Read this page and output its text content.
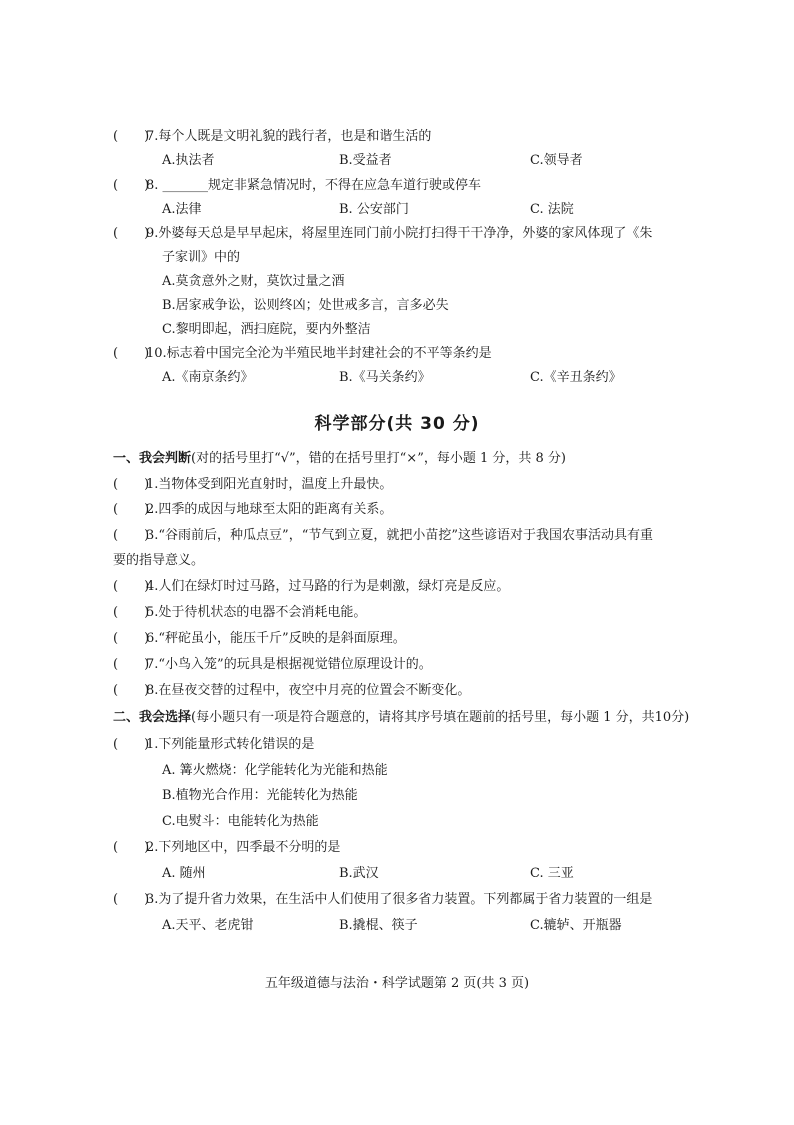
(　　)
7.每个人既是文明礼貌的践行者，也是和谐生活的
A.执法者	B.受益者	C.领导者
(　　)
8. _______规定非紧急情况时，不得在应急车道行驶或停车
A.法律	B. 公安部门	C. 法院
(　　)
9.外婆每天总是早早起床，将屋里连同门前小院打扫得干干净净，外婆的家风体现了《朱
子家训》中的
A.莫贪意外之财，莫饮过量之酒
B.居家戒争讼，讼则终凶；处世戒多言，言多必失
C.黎明即起，洒扫庭院，要内外整洁
(　　)
10.标志着中国完全沦为半殖民地半封建社会的不平等条约是
A.《南京条约》	B.《马关条约》	C.《辛丑条约》
科学部分(共 30 分)
一、我会判断(对的括号里打“√”，错的在括号里打“×”，每小题 1 分，共 8 分)
(　　)
1.当物体受到阳光直射时，温度上升最快。
(　　)
2.四季的成因与地球至太阳的距离有关系。
(　　)
3.“谷雨前后，种瓜点豆”，“节气到立夏，就把小苗挖”这些谚语对于我国农事活动具有重
要的指导意义。
(　　)
4.人们在绿灯时过马路，过马路的行为是刺激，绿灯亮是反应。
(　　)
5.处于待机状态的电器不会消耗电能。
(　　)
6.“秤砣虽小，能压千斤”反映的是斜面原理。
(　　)
7.“小鸟入笼”的玩具是根据视觉错位原理设计的。
(　　)
8.在昼夜交替的过程中，夜空中月亮的位置会不断变化。
二、我会选择(每小题只有一项是符合题意的，请将其序号填在题前的括号里，每小题 1 分，共10分)
(　　)
1.下列能量形式转化错误的是
A. 篝火燃烧：化学能转化为光能和热能
B.植物光合作用：光能转化为热能
C.电熨斗：电能转化为热能
(　　)
2.下列地区中，四季最不分明的是
A. 随州	B.武汉	C. 三亚
(　　)
3.为了提升省力效果，在生活中人们使用了很多省力装置。下列都属于省力装置的一组是
A.天平、老虎钳	B.撬棍、筷子	C.辘轳、开瓶器
五年级道德与法治・科学试题第 2 页(共 3 页)
